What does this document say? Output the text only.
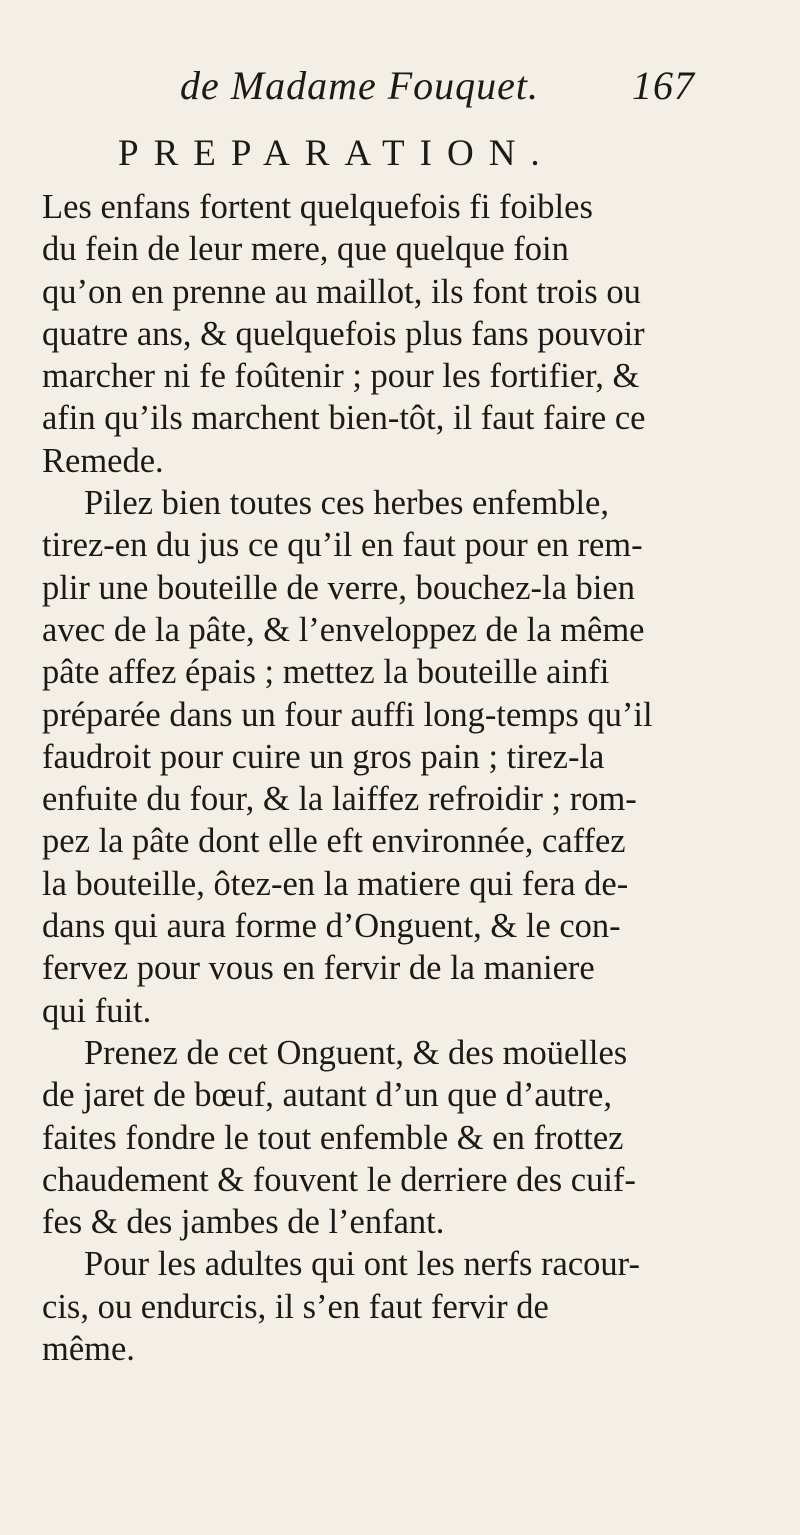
de Madame Fouquet. 167
PREPARATION.
Les enfans fortent quelquefois fi foibles
du fein de leur mere, que quelque foin
qu’on en prenne au maillot, ils font trois ou
quatre ans, & quelquefois plus fans pouvoir
marcher ni fe foûtenir ; pour les fortifier, &
afin qu’ils marchent bien-tôt, il faut faire ce
Remede.
Pilez bien toutes ces herbes enfemble,
tirez-en du jus ce qu’il en faut pour en rem-
plir une bouteille de verre, bouchez-la bien
avec de la pâte, & l’enveloppez de la même
pâte affez épais ; mettez la bouteille ainfi
préparée dans un four auffi long-temps qu’il
faudroit pour cuire un gros pain ; tirez-la
enfuite du four, & la laiffez refroidir ; rom-
pez la pâte dont elle eft environnée, caffez
la bouteille, ôtez-en la matiere qui fera de-
dans qui aura forme d’Onguent, & le con-
fervez pour vous en fervir de la maniere
qui fuit.
Prenez de cet Onguent, & des moüelles
de jaret de bœuf, autant d’un que d’autre,
faites fondre le tout enfemble & en frottez
chaudement & fouvent le derriere des cuif-
fes & des jambes de l’enfant.
Pour les adultes qui ont les nerfs racour-
cis, ou endurcis, il s’en faut fervir de
même.
